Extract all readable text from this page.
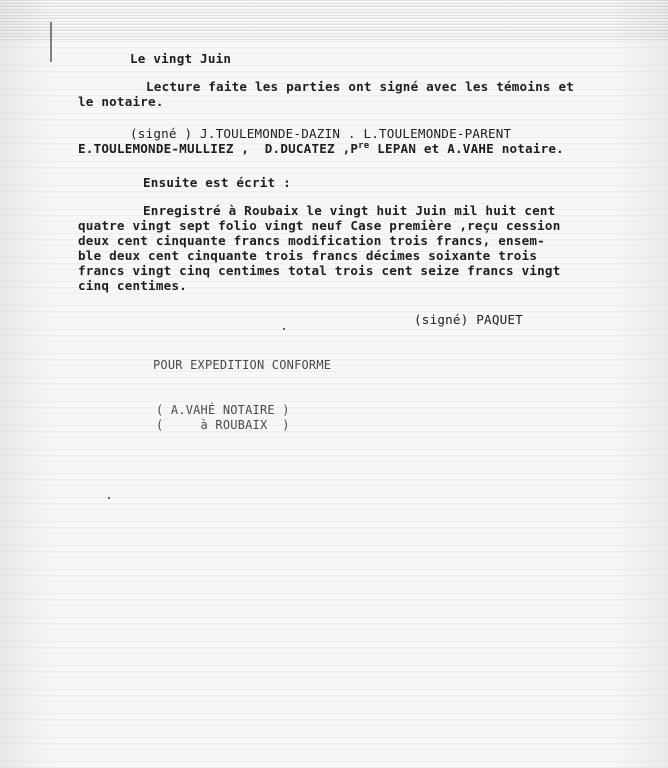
Le vingt Juin
Lecture faite les parties ont signé avec les témoins et
le notaire.
(signé ) J.TOULEMONDE-DAZIN . L.TOULEMONDE-PARENT
E.TOULEMONDE-MULLIEZ ,  D.DUCATEZ $,P^{re}$ LEPAN et A.VAHE notaire.
Ensuite est écrit :
Enregistré à Roubaix le vingt huit Juin mil huit cent
quatre vingt sept folio vingt neuf Case première ,reçu cession
deux cent cinquante francs modification trois francs, ensem-
ble deux cent cinquante trois francs décimes soixante trois
francs vingt cinq centimes total trois cent seize francs vingt
cinq centimes.
(signé) PAQUET
POUR EXPEDITION CONFORME
( A.VAHÉ NOTAIRE )
(     à ROUBAIX  )
